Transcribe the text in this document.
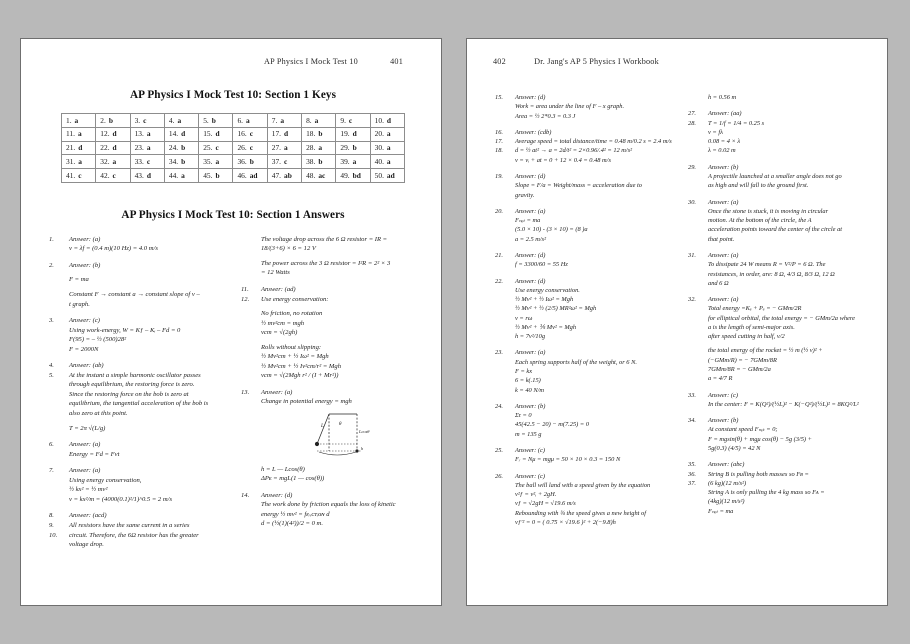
AP Physics I Mock Test 10	401
AP Physics I Mock Test 10: Section 1 Keys
1. a	2. b	3. c	4. a	5. b	6. a	7. a	8. a	9. c	10. d
11. a	12. d	13. a	14. d	15. d	16. c	17. d	18. b	19. d	20. a
21. d	22. d	23. a	24. b	25. c	26. c	27. a	28. a	29. b	30. a
31. a	32. a	33. c	34. b	35. a	36. b	37. c	38. b	39. a	40. a
41. c	42. c	43. d	44. a	45. b	46. ad	47. ab	48. ac	49. bd	50. ad
AP Physics I Mock Test 10: Section 1 Answers
1.	Answer: (a)
v = λf = (0.4 m)(10 Hz) = 4.0 m/s
2.	Answer: (b)
F = ma
Constant F → constant a → constant slope of v –
t graph.
3.	Answer: (c)
Using work-energy, W = Kƒ – Kᵢ – Fd = 0
F(95) = – ½ (500)28²
F = 2000N
4.
5.
Answer: (ab)
At the instant a simple harmonic oscillator passes
through equilibrium, the restoring force is zero.
Since the restoring force on the bob is zero at
equilibrium, the tangential acceleration of the bob is
also zero at this point.
T = 2π √(L/g)
6.	Answer: (a)
Energy = Fd = Fvt
7.	Answer: (a)
Using energy conservation,
½ kx² = ½ mv²
v = kx²/m = (4000(0.1)²/1)^0.5 = 2 m/s
8.
9.
10.
Answer: (acd)
All resistors have the same current in a series
circuit. Therefore, the 6Ω resistor has the greater
voltage drop.
The voltage drop across the 6 Ω resistor = IR =
18/(3+6) × 6 = 12 V
The power across the 3 Ω resistor = I²R = 2² × 3
= 12 Watts
11.
12.
Answer: (ad)
Use energy conservation:
No friction, no rotation
½ mv²cm = mgh
vcm = √(2gh)
Rolls without slipping:
½ Mv²cm + ½ Iω² = Mgh
½ Mv²cm + ½ Iv²cm/r² = Mgh
vcm = √(2Mgh r² / (I + Mr²))
13.	Answer: (a)
Change in potential energy = mgh
L	θ
Lcosθ
h
h = L — Lcos(θ)
ΔPᴇ = mgL(1 — cos(θ))
14.	Answer: (d)
The work done by friction equals the loss of kinetic
energy ½ mv² = fғᵣᵢᴄᴛᵢᴏɴ d
d = (½(1)(4²))/2 = 0 m.
402	Dr. Jang's AP 5 Physics I Workbook
15.	Answer: (d)
Work = area under the line of F – x graph.
Area = ½ 2*0.3 = 0.3 J
16.
17.
18.
Answer: (cdb)
Average speed = total distance/time = 0.48 m/0.2 s = 2.4 m/s
d = ½ at² → a = 2d/t² = 2×0.96/.4² = 12 m/s²
v = vᵢ + at = 0 + 12 × 0.4 = 0.48 m/s
19.	Answer: (d)
Slope = F/a = Weight/mass = acceleration due to
gravity.
20.	Answer: (a)
Fₙₑₜ = ma
(5.0 × 10) - (3 × 10) = (8 )a
a = 2.5 m/s²
21.	Answer: (d)
f = 3300/60 = 55 Hz
22.	Answer: (d)
Use energy conservation.
½ Mv² + ½ Iω² = Mgh
½ Mv² + ½ (2/5) MR²ω² = Mgh
v = rω
½ Mv² + ⅕ Mv² = Mgh
h = 7v²/10g
23.	Answer: (a)
Each spring supports half of the weight, or 6 N.
F = kx
6 = k(.15)
k = 40 N/m
24.	Answer: (b)
Στ = 0
45(42.5 − 20) − m(7.25) = 0
m = 135 g
25.	Answer: (c)
Fᵣ = Nμ = mgμ = 50 × 10 × 0.3 = 150 N
26.	Answer: (c)
The ball will land with a speed given by the equation
v²ƒ = v²ᵢ + 2gH.
vƒ = √2gH = √19.6 m/s
Rebounding with ¾ the speed gives a new height of
vƒ′² = 0 = ( 0.75 × √19.6 )² + 2(−9.8)h
h = 0.56 m
27.
28.
Answer: (aa)
T = 1/f = 1/4 = 0.25 s
v = fλ
0.08 = 4 × λ
λ = 0.02 m
29.	Answer: (b)
A projectile launched at a smaller angle does not go
as high and will fall to the ground first.
30.	Answer: (a)
Once the stone is stuck, it is moving in circular
motion. At the bottom of the circle, the A
acceleration points toward the center of the circle at
that point.
31.	Answer: (a)
To dissipate 24 W means R = V²/P = 6 Ω. The
resistances, in order, are: 8 Ω, 4/3 Ω, 8/3 Ω, 12 Ω
and 6 Ω
32.	Answer: (a)
Total energy =Kₑ + Pₑ = − GMm/2R
for elliptical orbital, the total energy = − GMm/2a where
a is the length of semi-major axis.
after speed cutting in half, v/2
the total energy of the rocket = ½ m (½ v)² +
(−GMm/R) = − 7GMm/8R
7GMm/8R = − GMm/2a
a = 4/7 R
33.	Answer: (c)
In the center: F = K(Q²)/(½L)² − K(−Q²)/(½L)² = 8KQ²/L²
34.	Answer: (b)
At constant speed Fₙₑₜ = 0;
F = mgsin(θ) + mgμ cos(θ) − 5g (3/5) +
5g(0.3) (4/5) = 42 N
35.
36.
37.
Answer: (abc)
String B is pulling both masses so Fʙ =
(6 kg)(12 m/s²)
String A is only pulling the 4 kg mass so Fᴀ =
(4kg)(12 m/s²)
Fₙₑₜ = ma
